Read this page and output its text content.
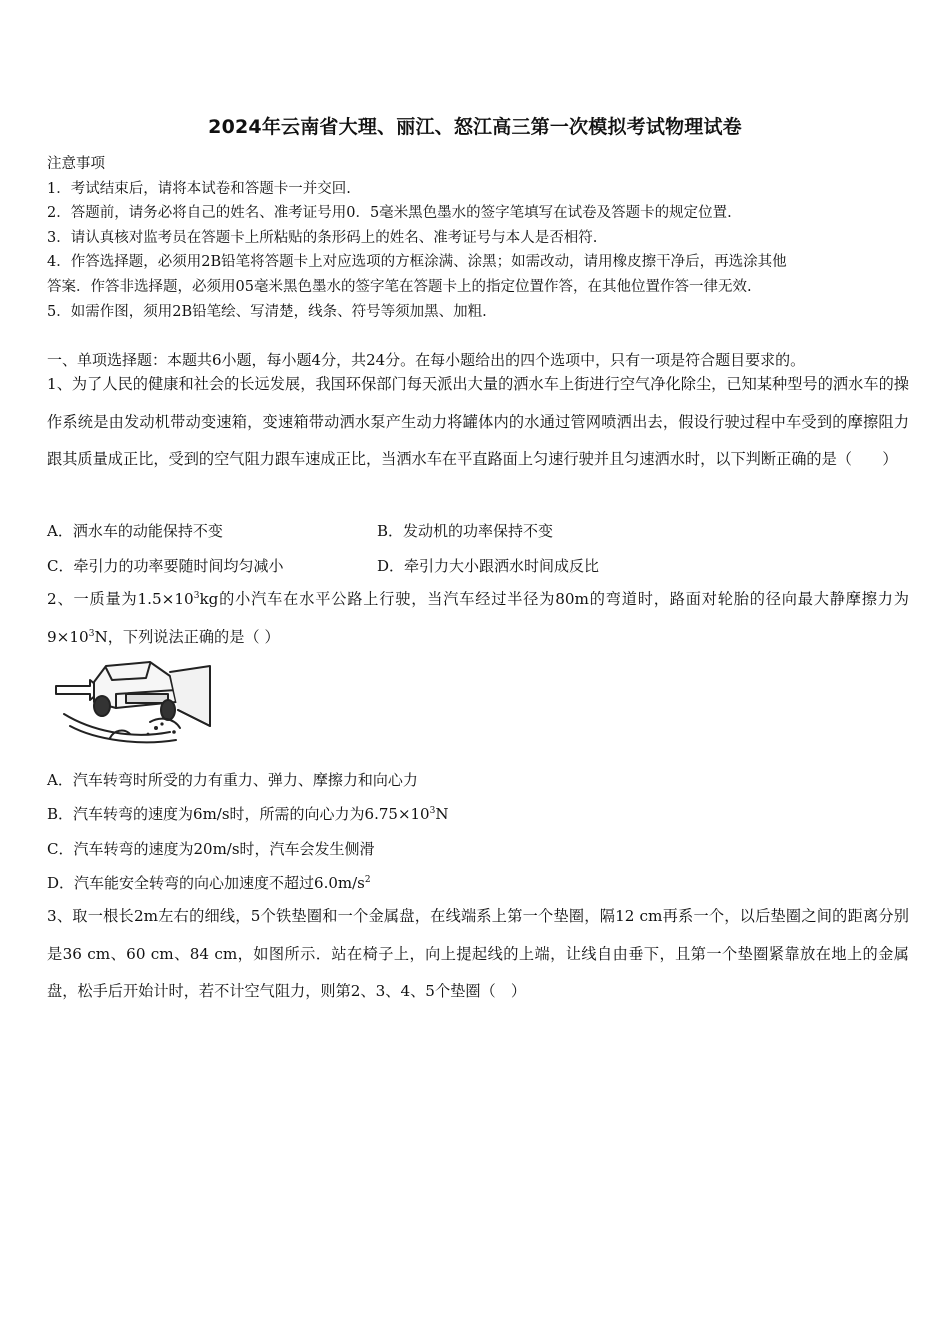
2024年云南省大理、丽江、怒江高三第一次模拟考试物理试卷
注意事项
1．考试结束后，请将本试卷和答题卡一并交回.
2．答题前，请务必将自己的姓名、准考证号用0．5毫米黑色墨水的签字笔填写在试卷及答题卡的规定位置.
3．请认真核对监考员在答题卡上所粘贴的条形码上的姓名、准考证号与本人是否相符.
4．作答选择题，必须用2B铅笔将答题卡上对应选项的方框涂满、涂黑；如需改动，请用橡皮擦干净后，再选涂其他
答案．作答非选择题，必须用05毫米黑色墨水的签字笔在答题卡上的指定位置作答，在其他位置作答一律无效.
5．如需作图，须用2B铅笔绘、写清楚，线条、符号等须加黑、加粗.
一、单项选择题：本题共6小题，每小题4分，共24分。在每小题给出的四个选项中，只有一项是符合题目要求的。
1、为了人民的健康和社会的长远发展，我国环保部门每天派出大量的洒水车上街进行空气净化除尘，已知某种型号的洒水车的操作系统是由发动机带动变速箱，变速箱带动洒水泵产生动力将罐体内的水通过管网喷洒出去，假设行驶过程中车受到的摩擦阻力跟其质量成正比，受到的空气阻力跟车速成正比，当洒水车在平直路面上匀速行驶并且匀速洒水时，以下判断正确的是（　　）
A．洒水车的动能保持不变	B．发动机的功率保持不变
C．牵引力的功率要随时间均匀减小	D．牵引力大小跟洒水时间成反比
2、一质量为$1.5\times 10^3kg$的小汽车在水平公路上行驶，当汽车经过半径为80m的弯道时，路面对轮胎的径向最大静摩擦力为$9\times 10^3N$，下列说法正确的是（ ）
A．汽车转弯时所受的力有重力、弹力、摩擦力和向心力
B．汽车转弯的速度为6m/s时，所需的向心力为$6.75\times 10^3N$
C．汽车转弯的速度为20m/s时，汽车会发生侧滑
D．汽车能安全转弯的向心加速度不超过$6.0m/s^2$
3、取一根长2m左右的细线，5个铁垫圈和一个金属盘，在线端系上第一个垫圈，隔12 cm再系一个，以后垫圈之间的距离分别是36 cm、60 cm、84 cm，如图所示．站在椅子上，向上提起线的上端，让线自由垂下，且第一个垫圈紧靠放在地上的金属盘，松手后开始计时，若不计空气阻力，则第2、3、4、5个垫圈（　）
